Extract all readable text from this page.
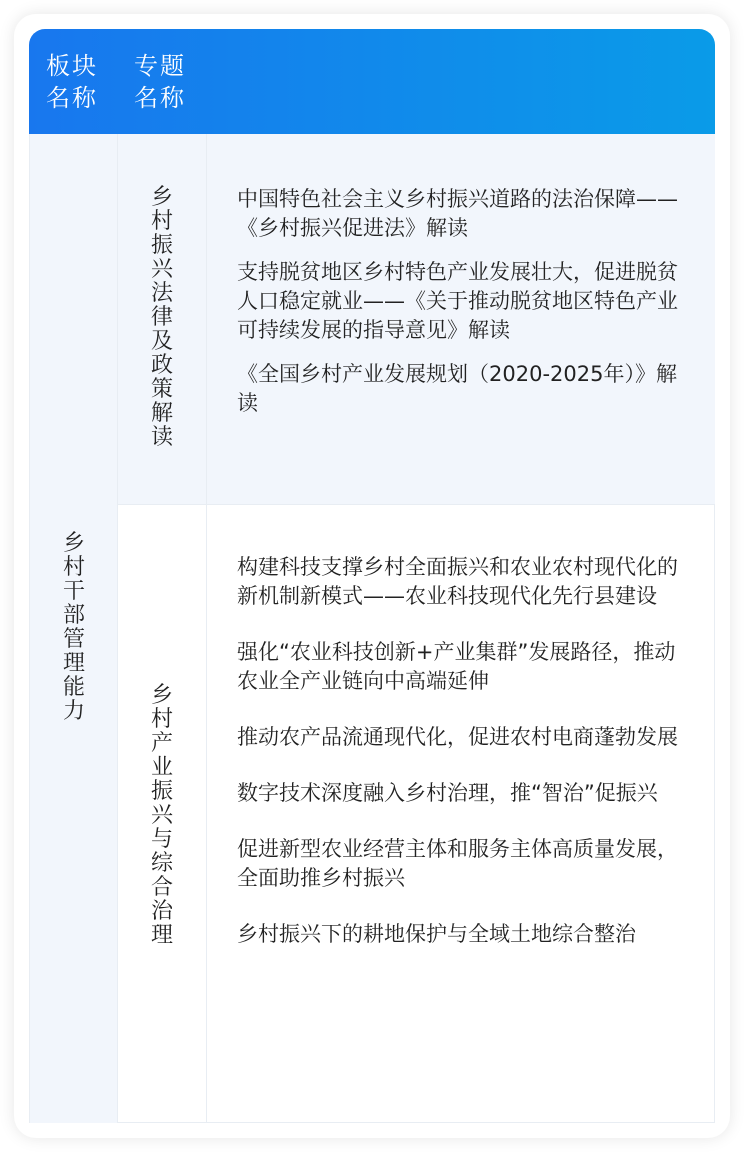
板块名称
专题名称
乡村干部管理能力
乡村振兴法律及政策解读

中国特色社会主义乡村振兴道路的法治保障——《乡村振兴促进法》解读

支持脱贫地区乡村特色产业发展壮大，促进脱贫人口稳定就业——《关于推动脱贫地区特色产业可持续发展的指导意见》解读

《全国乡村产业发展规划（2020-2025年）》解读

乡村产业振兴与综合治理

构建科技支撑乡村全面振兴和农业农村现代化的新机制新模式——农业科技现代化先行县建设

强化“农业科技创新+产业集群”发展路径，推动农业全产业链向中高端延伸

推动农产品流通现代化，促进农村电商蓬勃发展

数字技术深度融入乡村治理，推“智治”促振兴

促进新型农业经营主体和服务主体高质量发展，全面助推乡村振兴

乡村振兴下的耕地保护与全域土地综合整治
